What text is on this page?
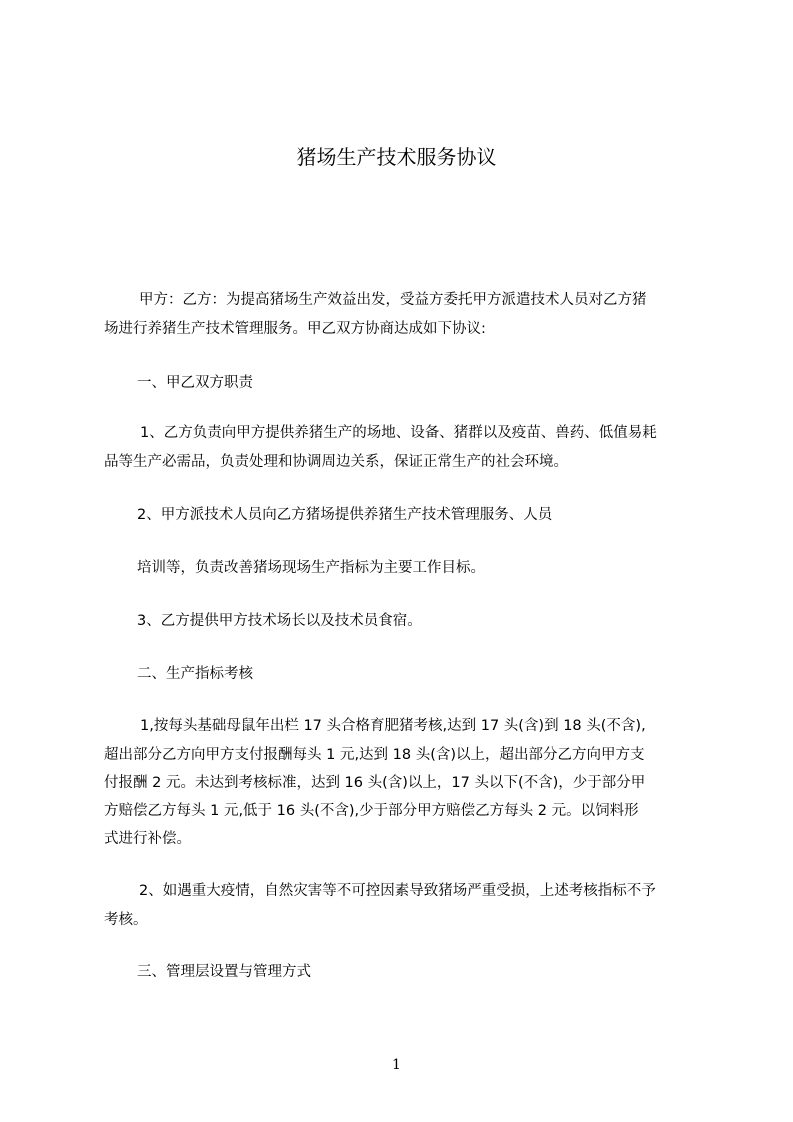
猪场生产技术服务协议
甲方：乙方：为提高猪场生产效益出发，受益方委托甲方派遣技术人员对乙方猪
场进行养猪生产技术管理服务。甲乙双方协商达成如下协议:
一、甲乙双方职责
1、乙方负责向甲方提供养猪生产的场地、设备、猪群以及疫苗、兽药、低值易耗
品等生产必需品，负责处理和协调周边关系，保证正常生产的社会环境。
2、甲方派技术人员向乙方猪场提供养猪生产技术管理服务、人员
培训等，负责改善猪场现场生产指标为主要工作目标。
3、乙方提供甲方技术场长以及技术员食宿。
二、生产指标考核
1,按每头基础母鼠年出栏 17 头合格育肥猪考核,达到 17 头(含)到 18 头(不含),
超出部分乙方向甲方支付报酬每头 1 元,达到 18 头(含)以上，超出部分乙方向甲方支
付报酬 2 元。未达到考核标准，达到 16 头(含)以上，17 头以下(不含)，少于部分甲
方赔偿乙方每头 1 元,低于 16 头(不含),少于部分甲方赔偿乙方每头 2 元。以饲料形
式进行补偿。
2、如遇重大疫情，自然灾害等不可控因素导致猪场严重受损，上述考核指标不予
考核。
三、管理层设置与管理方式
1
